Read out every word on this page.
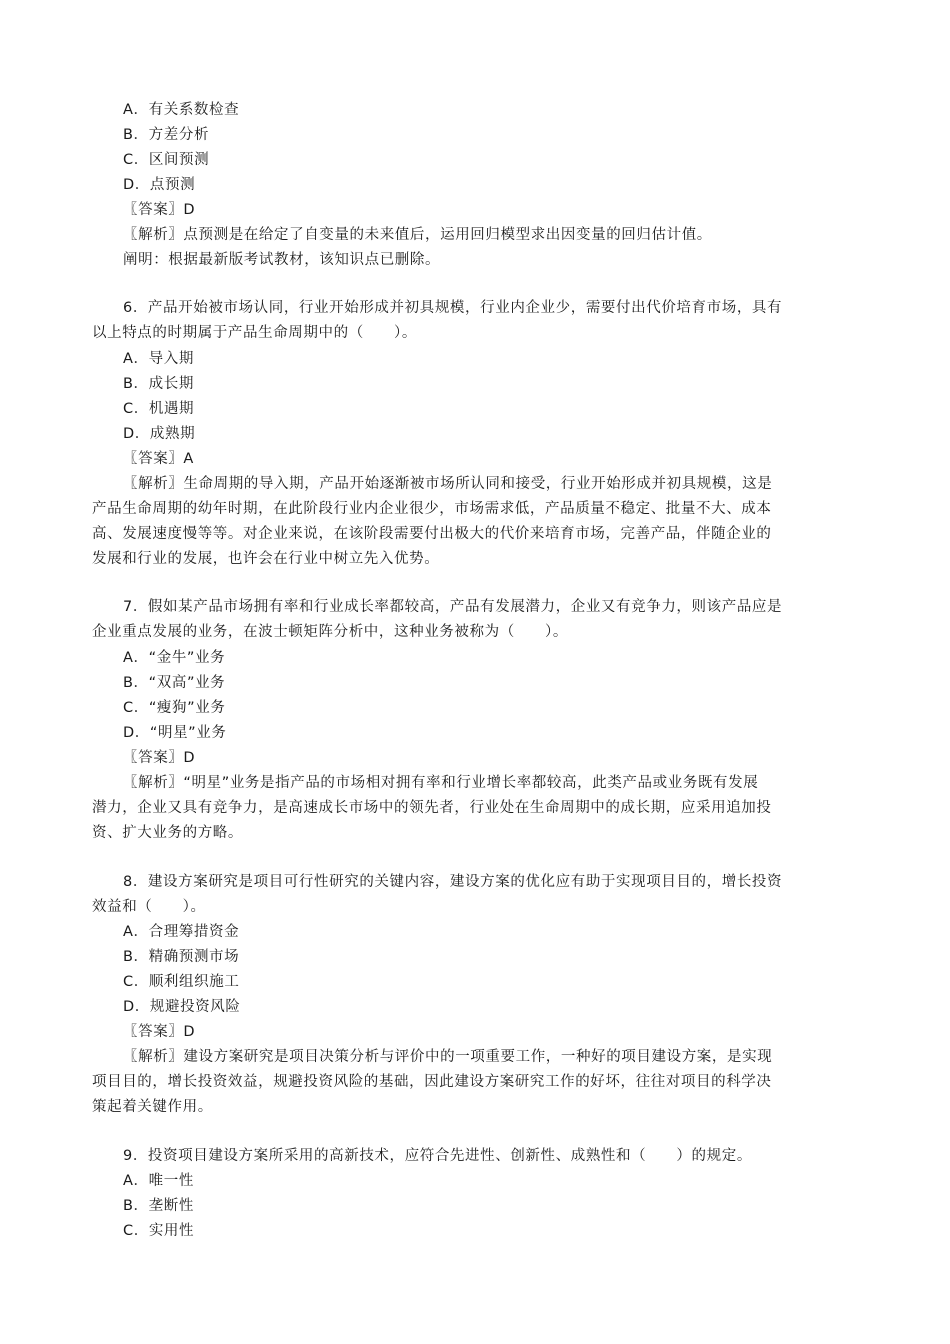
A．有关系数检查
B．方差分析
C．区间预测
D．点预测
〖答案〗D
〖解析〗点预测是在给定了自变量的未来值后，运用回归模型求出因变量的回归估计值。
阐明：根据最新版考试教材，该知识点已删除。
6．产品开始被市场认同，行业开始形成并初具规模，行业内企业少，需要付出代价培育市场，具有
以上特点的时期属于产品生命周期中的（　　）。
A．导入期
B．成长期
C．机遇期
D．成熟期
〖答案〗A
〖解析〗生命周期的导入期，产品开始逐渐被市场所认同和接受，行业开始形成并初具规模，这是
产品生命周期的幼年时期，在此阶段行业内企业很少，市场需求低，产品质量不稳定、批量不大、成本
高、发展速度慢等等。对企业来说，在该阶段需要付出极大的代价来培育市场，完善产品，伴随企业的
发展和行业的发展，也许会在行业中树立先入优势。
7．假如某产品市场拥有率和行业成长率都较高，产品有发展潜力，企业又有竞争力，则该产品应是
企业重点发展的业务，在波士顿矩阵分析中，这种业务被称为（　　）。
A．“金牛”业务
B．“双高”业务
C．“瘦狗”业务
D．“明星”业务
〖答案〗D
〖解析〗“明星”业务是指产品的市场相对拥有率和行业增长率都较高，此类产品或业务既有发展
潜力，企业又具有竞争力，是高速成长市场中的领先者，行业处在生命周期中的成长期，应采用追加投
资、扩大业务的方略。
8．建设方案研究是项目可行性研究的关键内容，建设方案的优化应有助于实现项目目的，增长投资
效益和（　　）。
A．合理筹措资金
B．精确预测市场
C．顺利组织施工
D．规避投资风险
〖答案〗D
〖解析〗建设方案研究是项目决策分析与评价中的一项重要工作，一种好的项目建设方案，是实现
项目目的，增长投资效益，规避投资风险的基础，因此建设方案研究工作的好坏，往往对项目的科学决
策起着关键作用。
9．投资项目建设方案所采用的高新技术，应符合先进性、创新性、成熟性和（　　）的规定。
A．唯一性
B．垄断性
C．实用性
